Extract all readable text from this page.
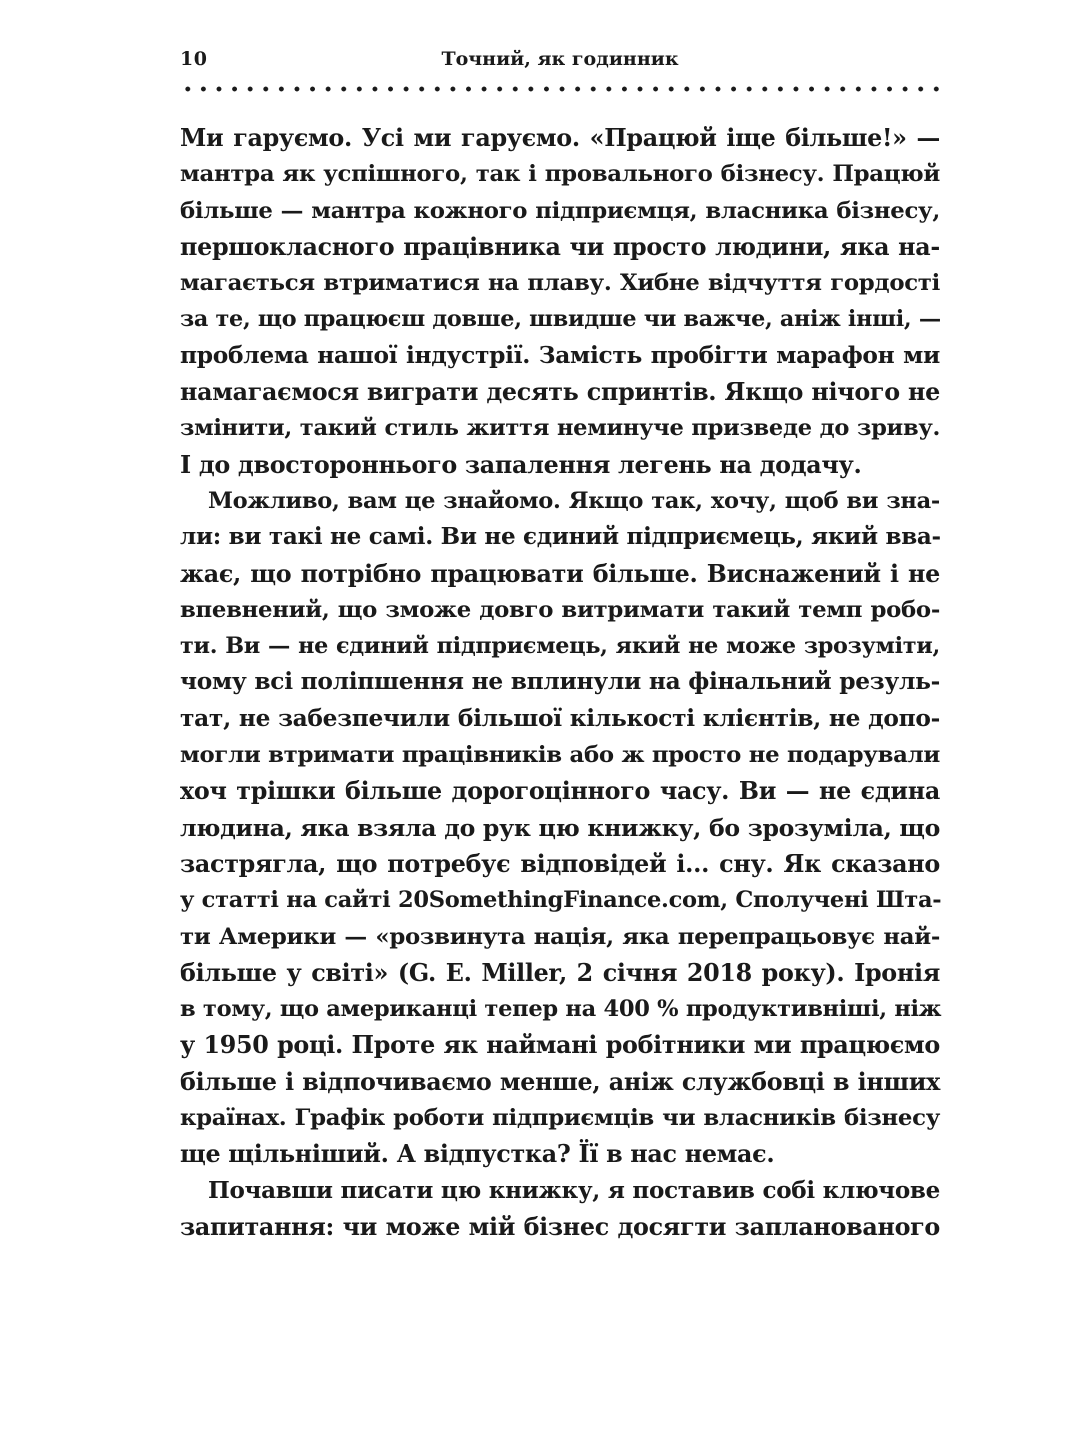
10	Точний, як годинник
Ми гаруємо. Усі ми гаруємо. «Працюй іще більше!» —
мантра як успішного, так і провального бізнесу. Працюй
більше — мантра кожного підприємця, власника бізнесу,
першокласного працівника чи просто людини, яка на-
магається втриматися на плаву. Хибне відчуття гордості
за те, що працюєш довше, швидше чи важче, аніж інші, —
проблема нашої індустрії. Замість пробігти марафон ми
намагаємося виграти десять спринтів. Якщо нічого не
змінити, такий стиль життя неминуче призведе до зриву.
І до двостороннього запалення легень на додачу.
Можливо, вам це знайомо. Якщо так, хочу, щоб ви зна-
ли: ви такі не самі. Ви не єдиний підприємець, який вва-
жає, що потрібно працювати більше. Виснажений і не
впевнений, що зможе довго витримати такий темп робо-
ти. Ви — не єдиний підприємець, який не може зрозуміти,
чому всі поліпшення не вплинули на фінальний резуль-
тат, не забезпечили більшої кількості клієнтів, не допо-
могли втримати працівників або ж просто не подарували
хоч трішки більше дорогоцінного часу. Ви — не єдина
людина, яка взяла до рук цю книжку, бо зрозуміла, що
застрягла, що потребує відповідей і... сну. Як сказано
у статті на сайті 20SomethingFinance.com, Сполучені Шта-
ти Америки — «розвинута нація, яка перепрацьовує най-
більше у світі» (G. E. Miller, 2 січня 2018 року). Іронія
в тому, що американці тепер на 400 % продуктивніші, ніж
у 1950 році. Проте як наймані робітники ми працюємо
більше і відпочиваємо менше, аніж службовці в інших
країнах. Графік роботи підприємців чи власників бізнесу
ще щільніший. А відпустка? Її в нас немає.
Почавши писати цю книжку, я поставив собі ключове
запитання: чи може мій бізнес досягти запланованого
